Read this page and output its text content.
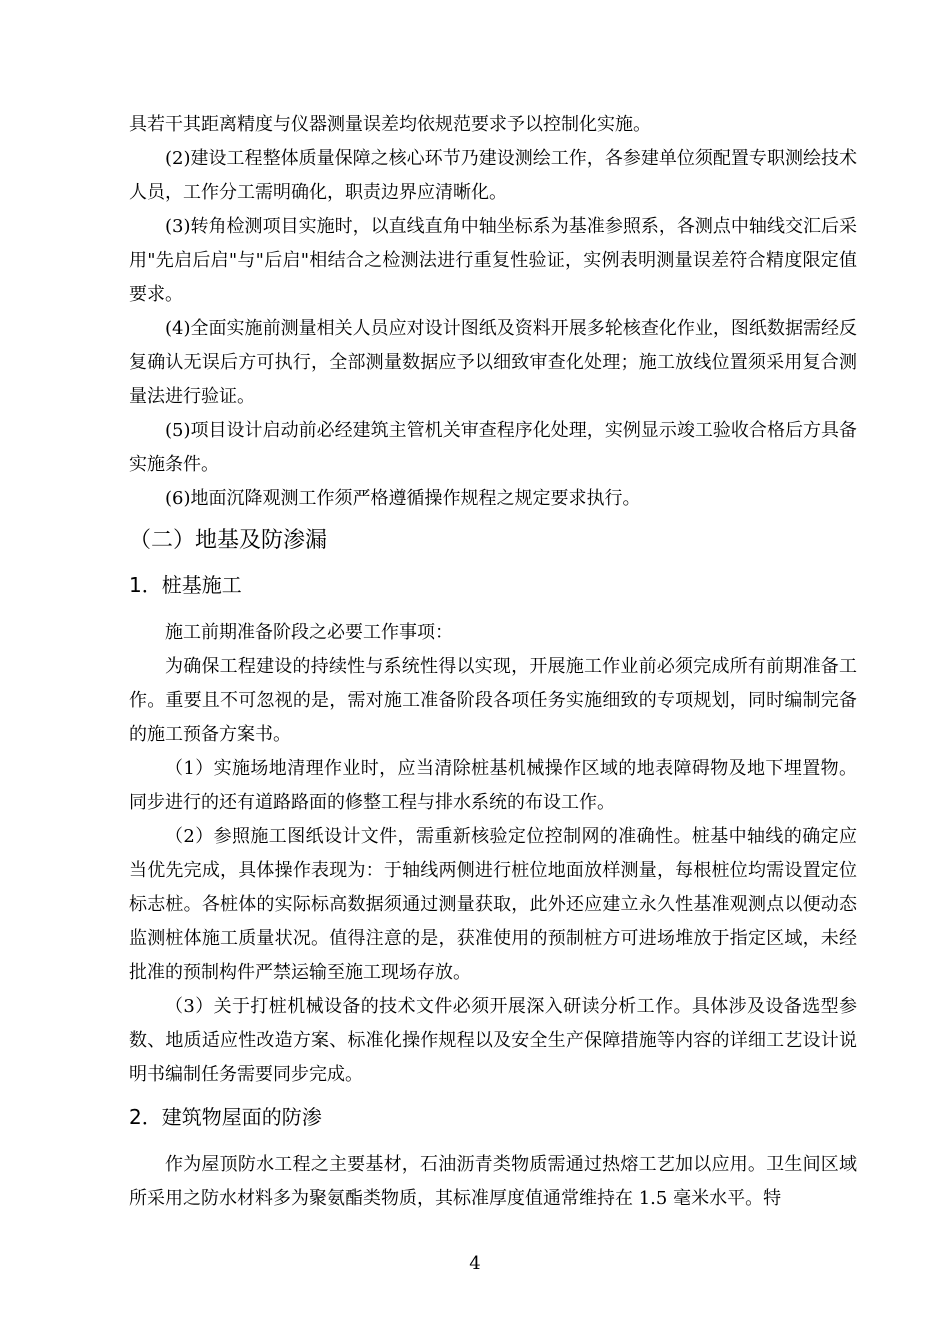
具若干其距离精度与仪器测量误差均依规范要求予以控制化实施。

(2)建设工程整体质量保障之核心环节乃建设测绘工作，各参建单位须配置专职测绘技术人员，工作分工需明确化，职责边界应清晰化。

(3)转角检测项目实施时，以直线直角中轴坐标系为基准参照系，各测点中轴线交汇后采用"先启后启"与"后启"相结合之检测法进行重复性验证，实例表明测量误差符合精度限定值要求。

(4)全面实施前测量相关人员应对设计图纸及资料开展多轮核查化作业，图纸数据需经反复确认无误后方可执行，全部测量数据应予以细致审查化处理；施工放线位置须采用复合测量法进行验证。

(5)项目设计启动前必经建筑主管机关审查程序化处理，实例显示竣工验收合格后方具备实施条件。

(6)地面沉降观测工作须严格遵循操作规程之规定要求执行。

（二）地基及防渗漏
1．桩基施工

施工前期准备阶段之必要工作事项：

为确保工程建设的持续性与系统性得以实现，开展施工作业前必须完成所有前期准备工作。重要且不可忽视的是，需对施工准备阶段各项任务实施细致的专项规划，同时编制完备的施工预备方案书。

（1）实施场地清理作业时，应当清除桩基机械操作区域的地表障碍物及地下埋置物。同步进行的还有道路路面的修整工程与排水系统的布设工作。

（2）参照施工图纸设计文件，需重新核验定位控制网的准确性。桩基中轴线的确定应当优先完成，具体操作表现为：于轴线两侧进行桩位地面放样测量，每根桩位均需设置定位标志桩。各桩体的实际标高数据须通过测量获取，此外还应建立永久性基准观测点以便动态监测桩体施工质量状况。值得注意的是，获准使用的预制桩方可进场堆放于指定区域，未经批准的预制构件严禁运输至施工现场存放。

（3）关于打桩机械设备的技术文件必须开展深入研读分析工作。具体涉及设备选型参数、地质适应性改造方案、标准化操作规程以及安全生产保障措施等内容的详细工艺设计说明书编制任务需要同步完成。

2．建筑物屋面的防渗

作为屋顶防水工程之主要基材，石油沥青类物质需通过热熔工艺加以应用。卫生间区域所采用之防水材料多为聚氨酯类物质，其标准厚度值通常维持在 1.5 毫米水平。特

4
